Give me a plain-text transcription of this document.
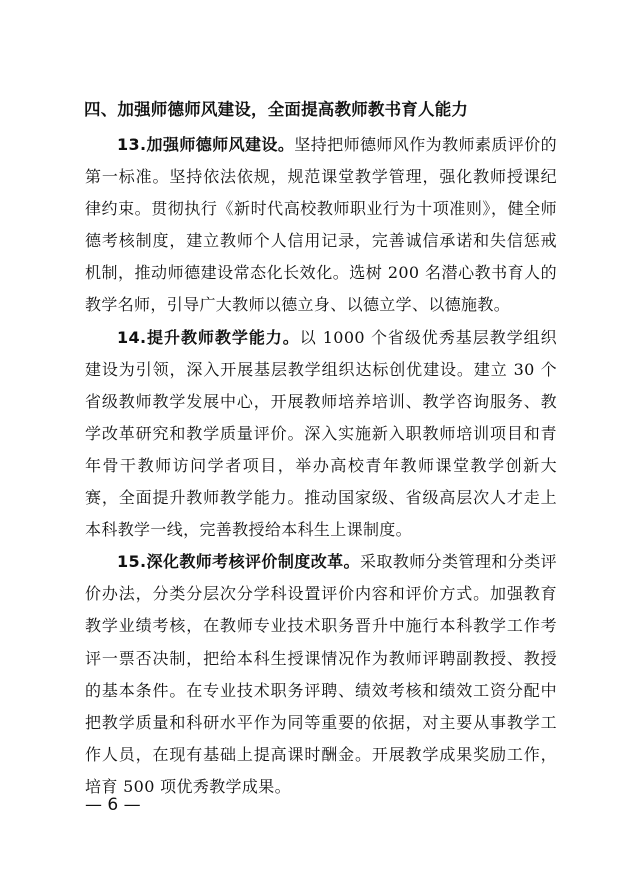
四、加强师德师风建设，全面提高教师教书育人能力

13.加强师德师风建设。坚持把师德师风作为教师素质评价的第一标准。坚持依法依规，规范课堂教学管理，强化教师授课纪律约束。贯彻执行《新时代高校教师职业行为十项准则》，健全师德考核制度，建立教师个人信用记录，完善诚信承诺和失信惩戒机制，推动师德建设常态化长效化。选树 200 名潜心教书育人的教学名师，引导广大教师以德立身、以德立学、以德施教。

14.提升教师教学能力。以 1000 个省级优秀基层教学组织建设为引领，深入开展基层教学组织达标创优建设。建立 30 个省级教师教学发展中心，开展教师培养培训、教学咨询服务、教学改革研究和教学质量评价。深入实施新入职教师培训项目和青年骨干教师访问学者项目，举办高校青年教师课堂教学创新大赛，全面提升教师教学能力。推动国家级、省级高层次人才走上本科教学一线，完善教授给本科生上课制度。

15.深化教师考核评价制度改革。采取教师分类管理和分类评价办法，分类分层次分学科设置评价内容和评价方式。加强教育教学业绩考核，在教师专业技术职务晋升中施行本科教学工作考评一票否决制，把给本科生授课情况作为教师评聘副教授、教授的基本条件。在专业技术职务评聘、绩效考核和绩效工资分配中把教学质量和科研水平作为同等重要的依据，对主要从事教学工作人员，在现有基础上提高课时酬金。开展教学成果奖励工作，培育 500 项优秀教学成果。

— 6 —
